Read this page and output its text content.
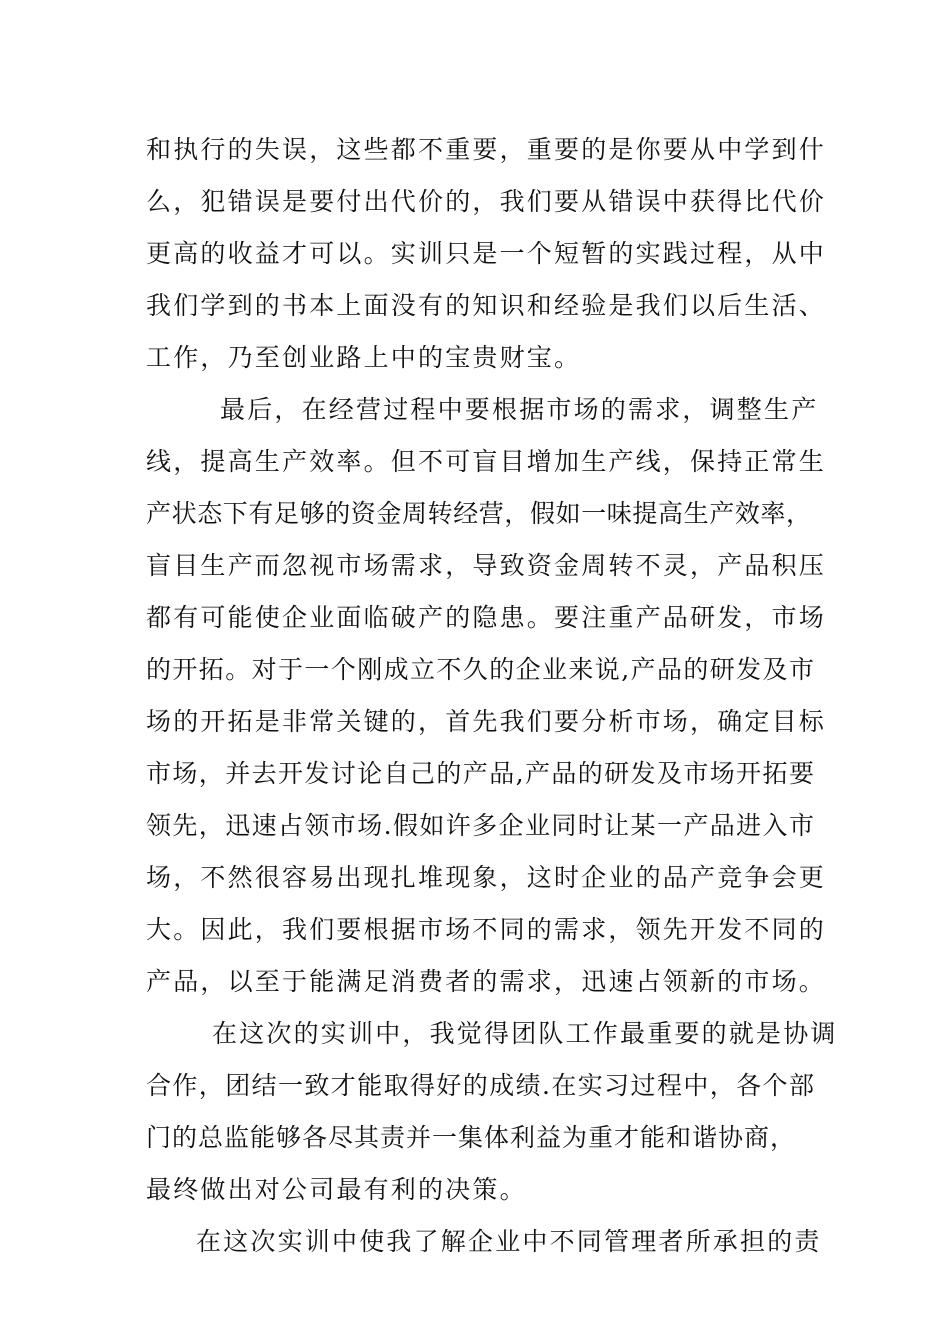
和执行的失误，这些都不重要，重要的是你要从中学到什

么，犯错误是要付出代价的，我们要从错误中获得比代价

更高的收益才可以。实训只是一个短暂的实践过程，从中

我们学到的书本上面没有的知识和经验是我们以后生活、

工作，乃至创业路上中的宝贵财宝。

最后，在经营过程中要根据市场的需求，调整生产

线，提高生产效率。但不可盲目增加生产线，保持正常生

产状态下有足够的资金周转经营，假如一味提高生产效率，

盲目生产而忽视市场需求，导致资金周转不灵，产品积压

都有可能使企业面临破产的隐患。要注重产品研发，市场

的开拓。对于一个刚成立不久的企业来说,产品的研发及市

场的开拓是非常关键的，首先我们要分析市场，确定目标

市场，并去开发讨论自己的产品,产品的研发及市场开拓要

领先，迅速占领市场.假如许多企业同时让某一产品进入市

场，不然很容易出现扎堆现象，这时企业的品产竞争会更

大。因此，我们要根据市场不同的需求，领先开发不同的

产品，以至于能满足消费者的需求，迅速占领新的市场。

在这次的实训中，我觉得团队工作最重要的就是协调

合作，团结一致才能取得好的成绩.在实习过程中，各个部

门的总监能够各尽其责并一集体利益为重才能和谐协商，

最终做出对公司最有利的决策。

在这次实训中使我了解企业中不同管理者所承担的责
